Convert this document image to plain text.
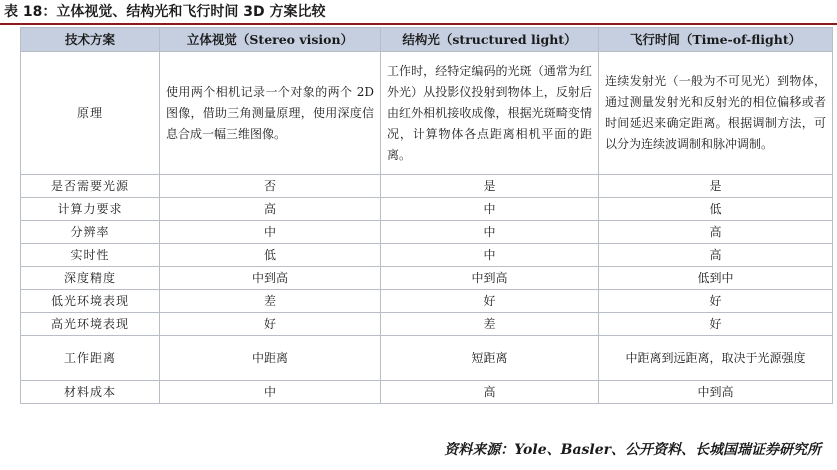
表 18：立体视觉、结构光和飞行时间 3D 方案比较
技术方案	立体视觉（Stereo vision）	结构光（structured light）	飞行时间（Time-of-flight）
原理	使用两个相机记录一个对象的两个 2D 图像，借助三角测量原理，使用深度信息合成一幅三维图像。	工作时，经特定编码的光斑（通常为红外光）从投影仪投射到物体上，反射后由红外相机接收成像，根据光斑畸变情况，计算物体各点距离相机平面的距离。	连续发射光（一般为不可见光）到物体，通过测量发射光和反射光的相位偏移或者时间延迟来确定距离。根据调制方法，可以分为连续波调制和脉冲调制。
是否需要光源	否	是	是
计算力要求	高	中	低
分辨率	中	中	高
实时性	低	中	高
深度精度	中到高	中到高	低到中
低光环境表现	差	好	好
高光环境表现	好	差	好
工作距离	中距离	短距离	中距离到远距离，取决于光源强度
材料成本	中	高	中到高
资料来源：Yole、Basler、公开资料、长城国瑞证券研究所
